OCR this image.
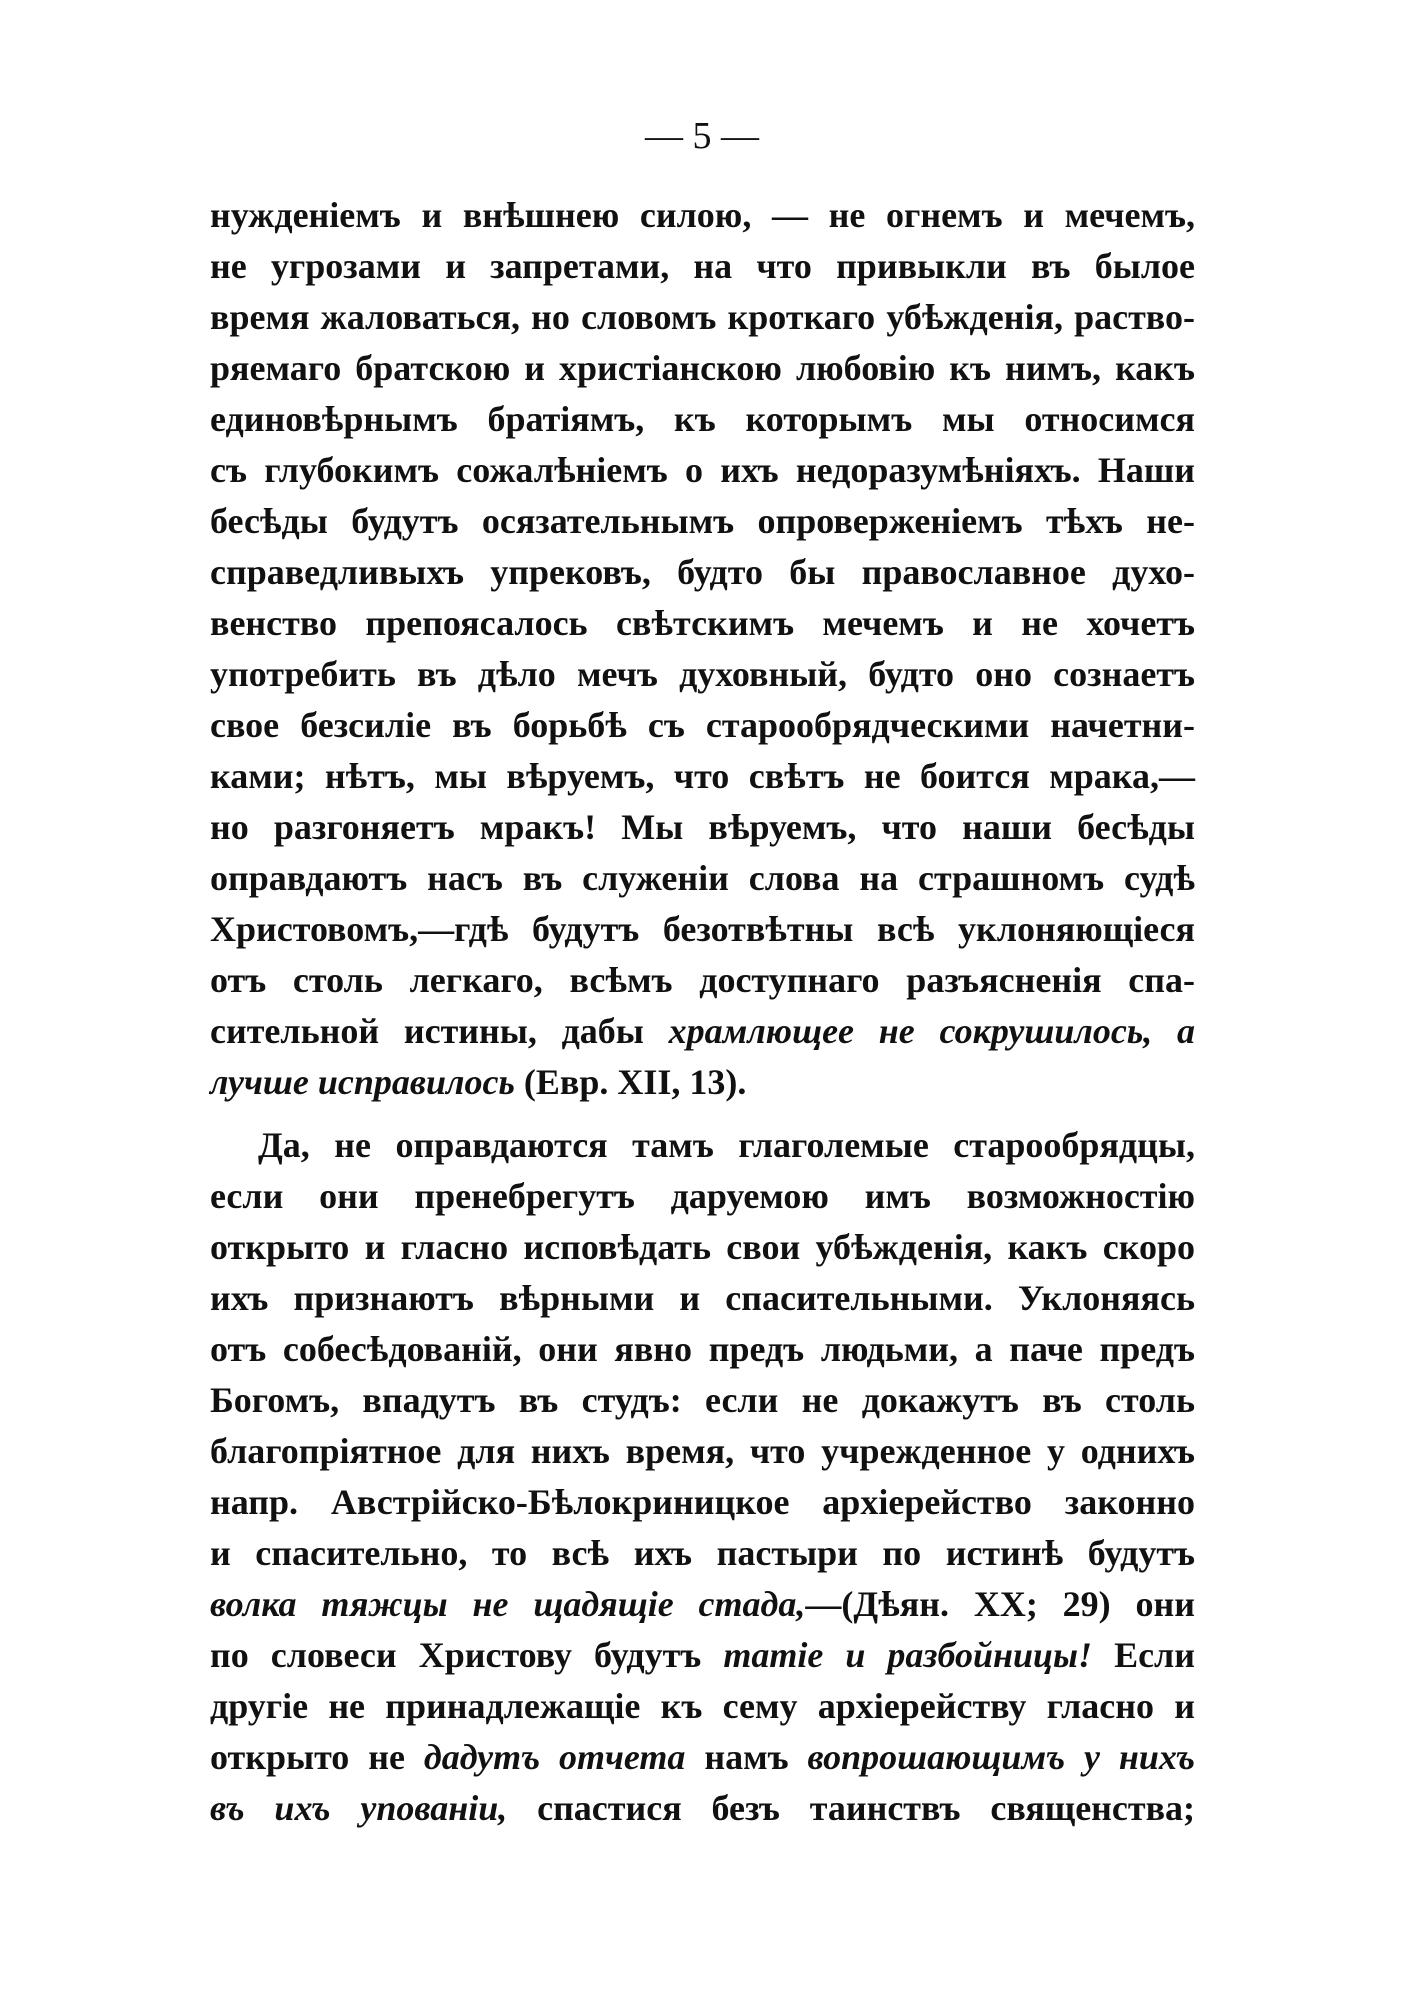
— 5 —
нужденіемъ и внѣшнею силою, — не огнемъ и мечемъ,
не угрозами и запретами, на что привыкли въ былое
время жаловаться, но словомъ кроткаго убѣжденія, раство-
ряемаго братскою и христіанскою любовію къ нимъ, какъ
единовѣрнымъ братіямъ, къ которымъ мы относимся
съ глубокимъ сожалѣніемъ о ихъ недоразумѣніяхъ. Наши
бесѣды будутъ осязательнымъ опроверженіемъ тѣхъ не-
справедливыхъ упрековъ, будто бы православное духо-
венство препоясалось свѣтскимъ мечемъ и не хочетъ
употребить въ дѣло мечъ духовный, будто оно сознаетъ
свое безсиліе въ борьбѣ съ старообрядческими начетни-
ками; нѣтъ, мы вѣруемъ, что свѣтъ не боится мрака,—
но разгоняетъ мракъ! Мы вѣруемъ, что наши бесѣды
оправдаютъ насъ въ служеніи слова на страшномъ судѣ
Христовомъ,—гдѣ будутъ безотвѣтны всѣ уклоняющіеся
отъ столь легкаго, всѣмъ доступнаго разъясненія спа-
сительной истины, дабы храмлющее не сокрушилось, а
лучше исправилось (Евр. XII, 13).
Да, не оправдаются тамъ глаголемые старообрядцы,
если они пренебрегутъ даруемою имъ возможностію
открыто и гласно исповѣдать свои убѣжденія, какъ скоро
ихъ признаютъ вѣрными и спасительными. Уклоняясь
отъ собесѣдованій, они явно предъ людьми, а паче предъ
Богомъ, впадутъ въ студъ: если не докажутъ въ столь
благопріятное для нихъ время, что учрежденное у однихъ
напр. Австрійско-Бѣлокриницкое архіерейство законно
и спасительно, то всѣ ихъ пастыри по истинѣ будутъ
волка тяжцы не щадящіе стада,—(Дѣян. XX; 29) они
по словеси Христову будутъ татіе и разбойницы! Если
другіе не принадлежащіе къ сему архіерейству гласно и
открыто не дадутъ отчета намъ вопрошающимъ у нихъ
въ ихъ упованіи, спастися безъ таинствъ священства;
